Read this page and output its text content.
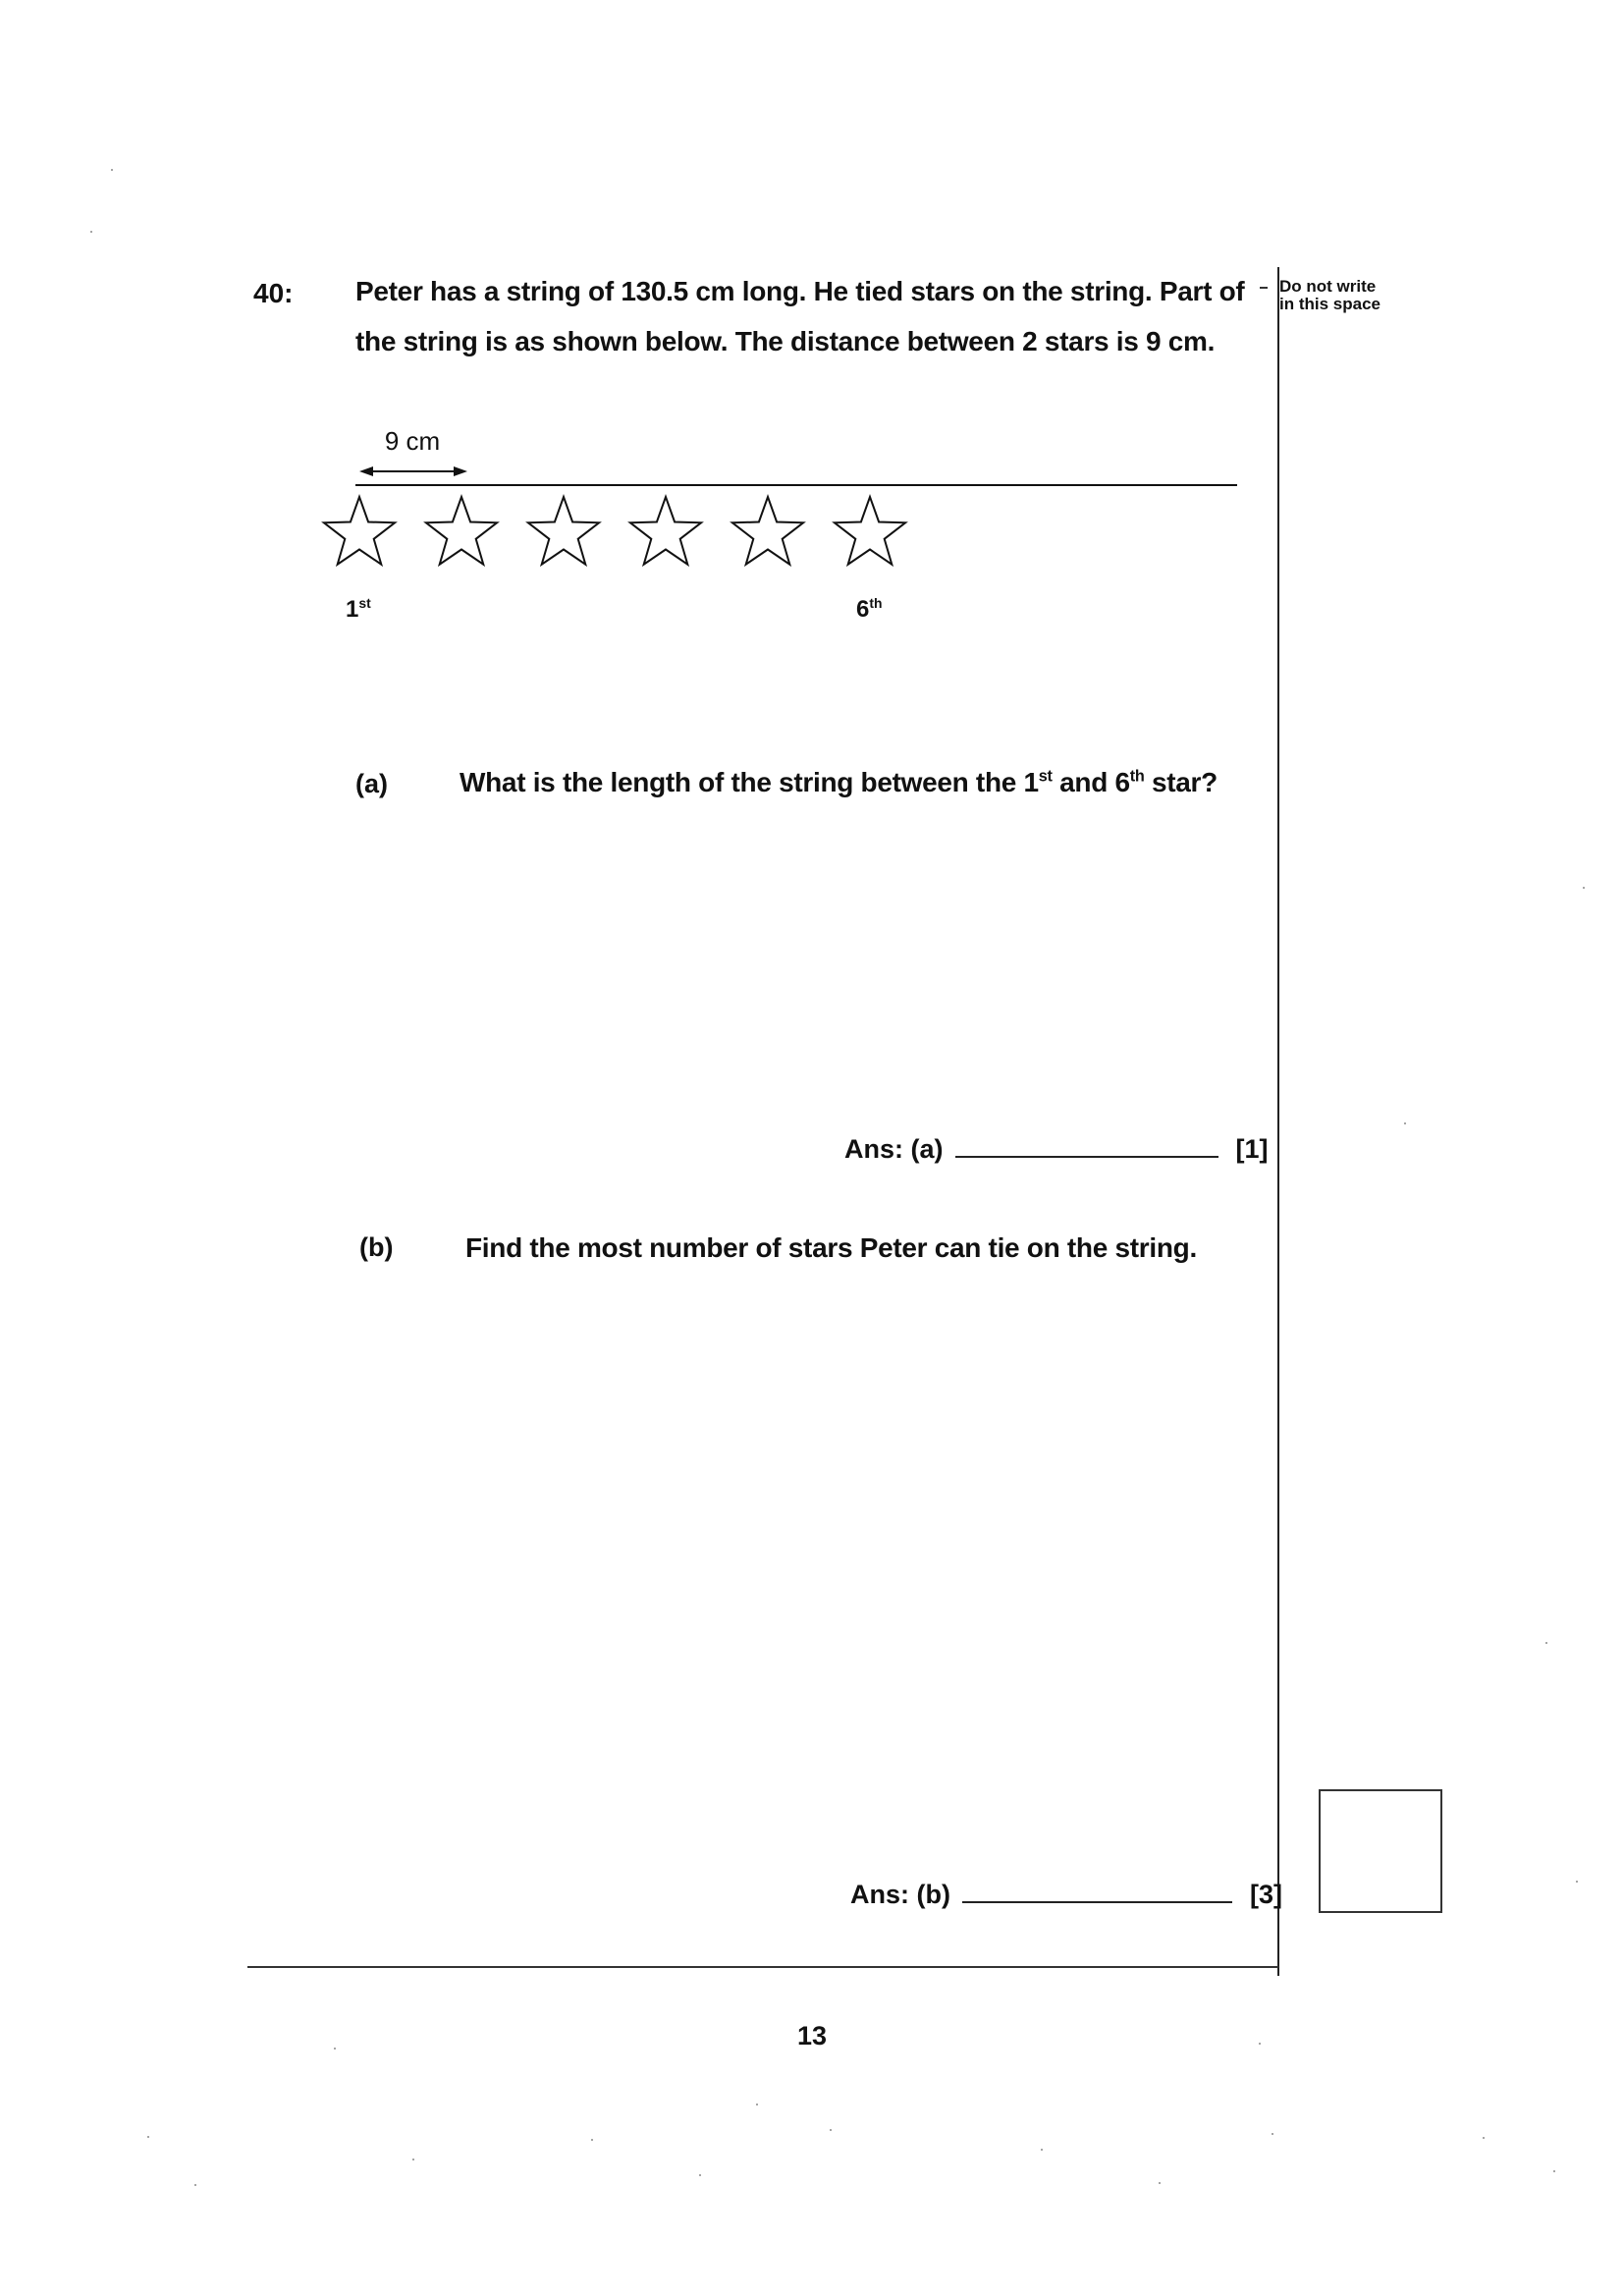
40: Peter has a string of 130.5 cm long. He tied stars on the string. Part of
the string is as shown below. The distance between 2 stars is 9 cm.
Do not write
in this space
9 cm
1st	6th
(a)	What is the length of the string between the 1st and 6th star?
Ans: (a)	[1]
(b)	Find the most number of stars Peter can tie on the string.
Ans: (b)	[3]
13
